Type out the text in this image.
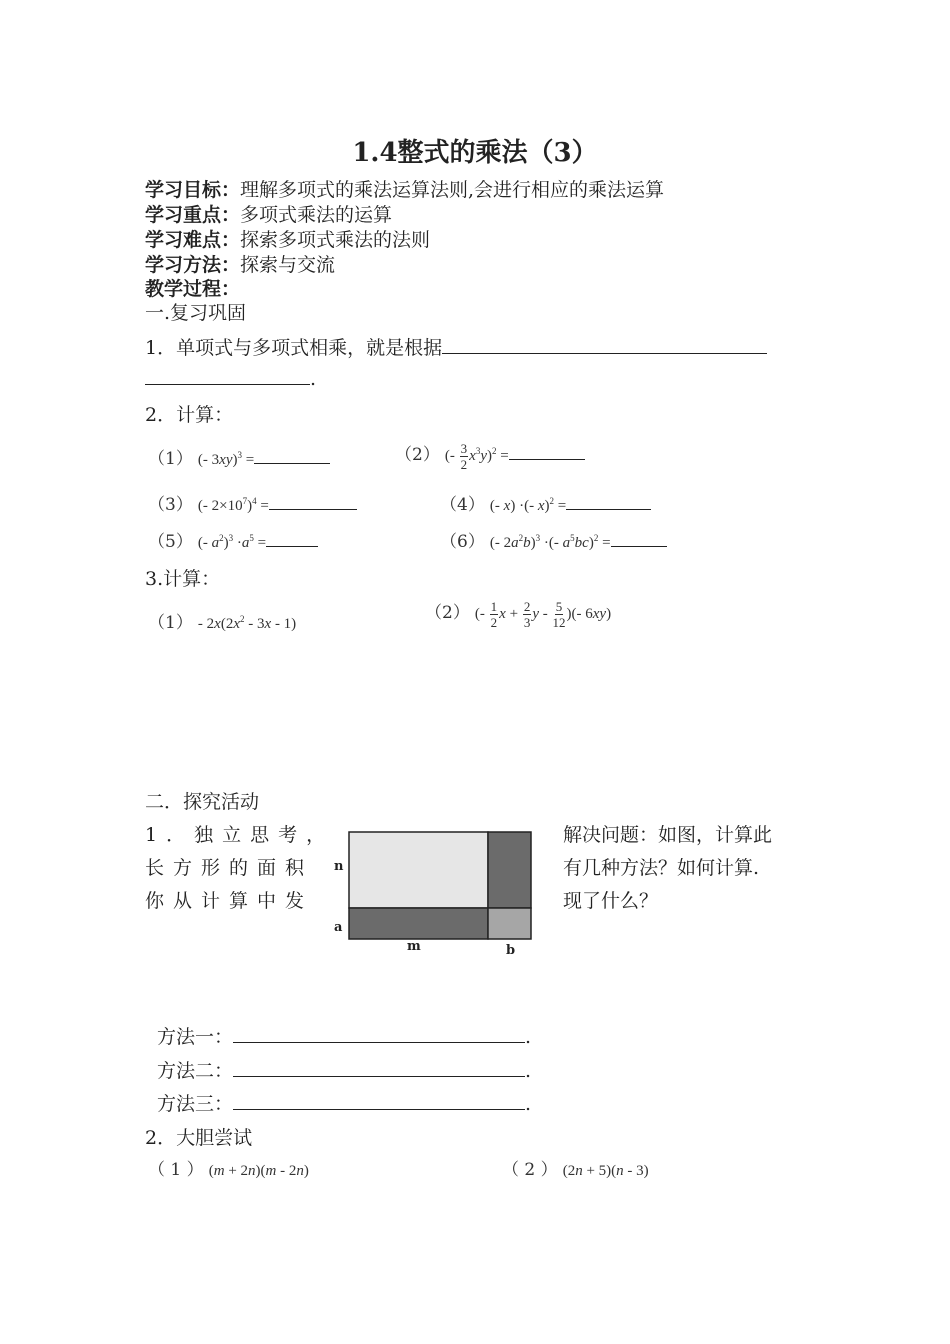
1.4整式的乘法（3）
学习目标：理解多项式的乘法运算法则,会进行相应的乘法运算
学习重点：多项式乘法的运算
学习难点：探索多项式乘法的法则
学习方法：探索与交流
教学过程：
一.复习巩固
1．单项式与多项式相乘，就是根据
.
2．计算：
（1） (- 3xy)$^3$ =	（2） (- $\frac{3}{2} x^3y)^2$ =
（3） (- $2\times 10^7)^4$ =	（4） (- x) ·(- x)$^2$ =
（5） (- $a^2)^3 \cdot a^5$ =	（6） (- $2a^2b)^3$ ·(- $a^5bc)^2$ =
3.计算：
$(1) - 2x(2x^2 - 3x - 1)$
（2） (- $\frac{1}{2}$ $x + \frac{2}{3}$ y - $\frac{5}{12}$ )(- 6xy)
二．探究活动
1．独立思考，
长方形的面积
你从计算中发
解决问题：如图，计算此
有几种方法？如何计算.
现了什么？
n
a
m	b
方法一：	.
方法二：	.
方法三：	.
2．大胆尝试
（ 1 ） (m + 2n)(m - 2n)	（ 2 ） (2n + 5)(n - 3)
